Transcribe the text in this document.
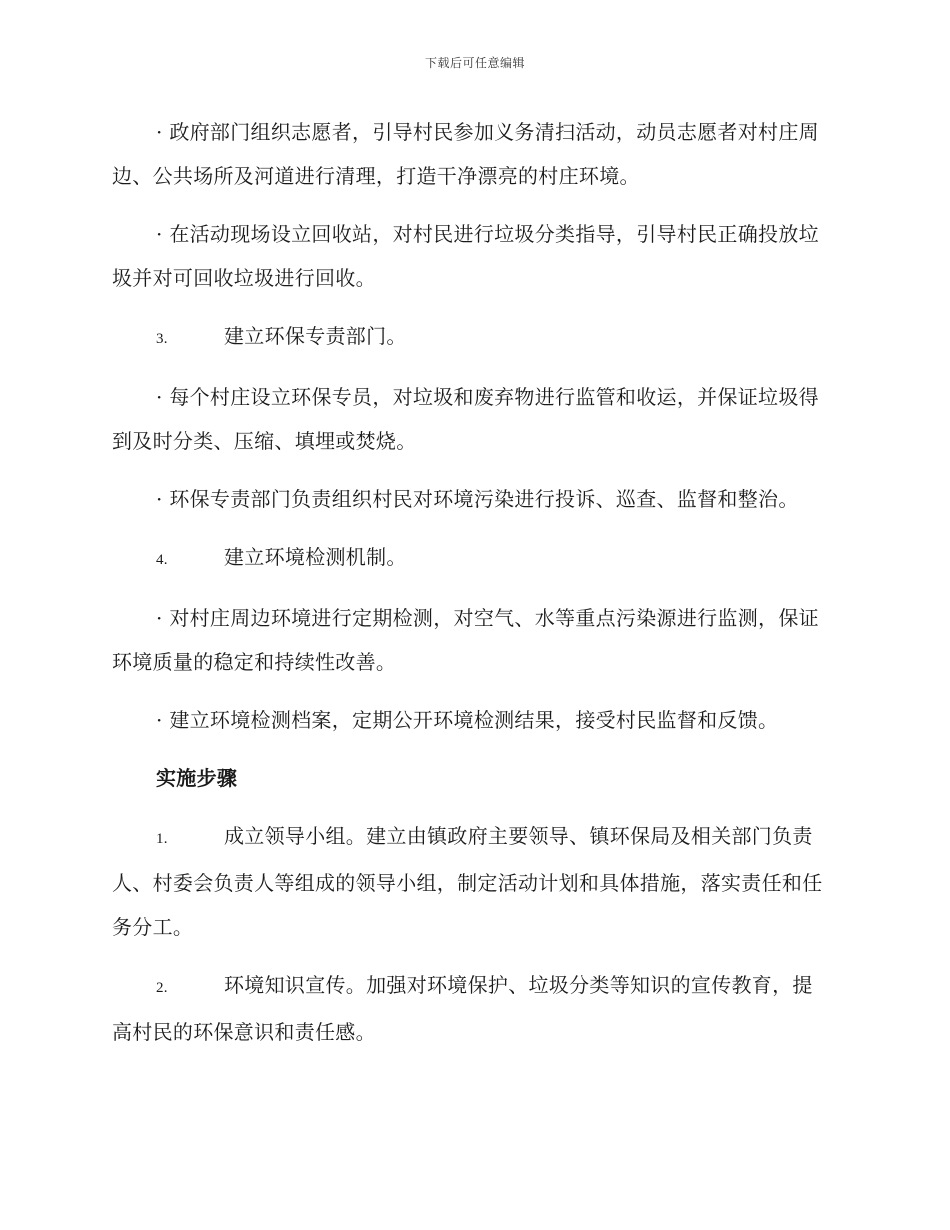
下载后可任意编辑

· 政府部门组织志愿者，引导村民参加义务清扫活动，动员志愿者对村庄周边、公共场所及河道进行清理，打造干净漂亮的村庄环境。

· 在活动现场设立回收站，对村民进行垃圾分类指导，引导村民正确投放垃圾并对可回收垃圾进行回收。

3.	建立环保专责部门。

· 每个村庄设立环保专员，对垃圾和废弃物进行监管和收运，并保证垃圾得到及时分类、压缩、填埋或焚烧。

· 环保专责部门负责组织村民对环境污染进行投诉、巡查、监督和整治。

4.	建立环境检测机制。

· 对村庄周边环境进行定期检测，对空气、水等重点污染源进行监测，保证环境质量的稳定和持续性改善。

· 建立环境检测档案，定期公开环境检测结果，接受村民监督和反馈。

实施步骤

1.	成立领导小组。建立由镇政府主要领导、镇环保局及相关部门负责人、村委会负责人等组成的领导小组，制定活动计划和具体措施，落实责任和任务分工。

2.	环境知识宣传。加强对环境保护、垃圾分类等知识的宣传教育，提高村民的环保意识和责任感。
